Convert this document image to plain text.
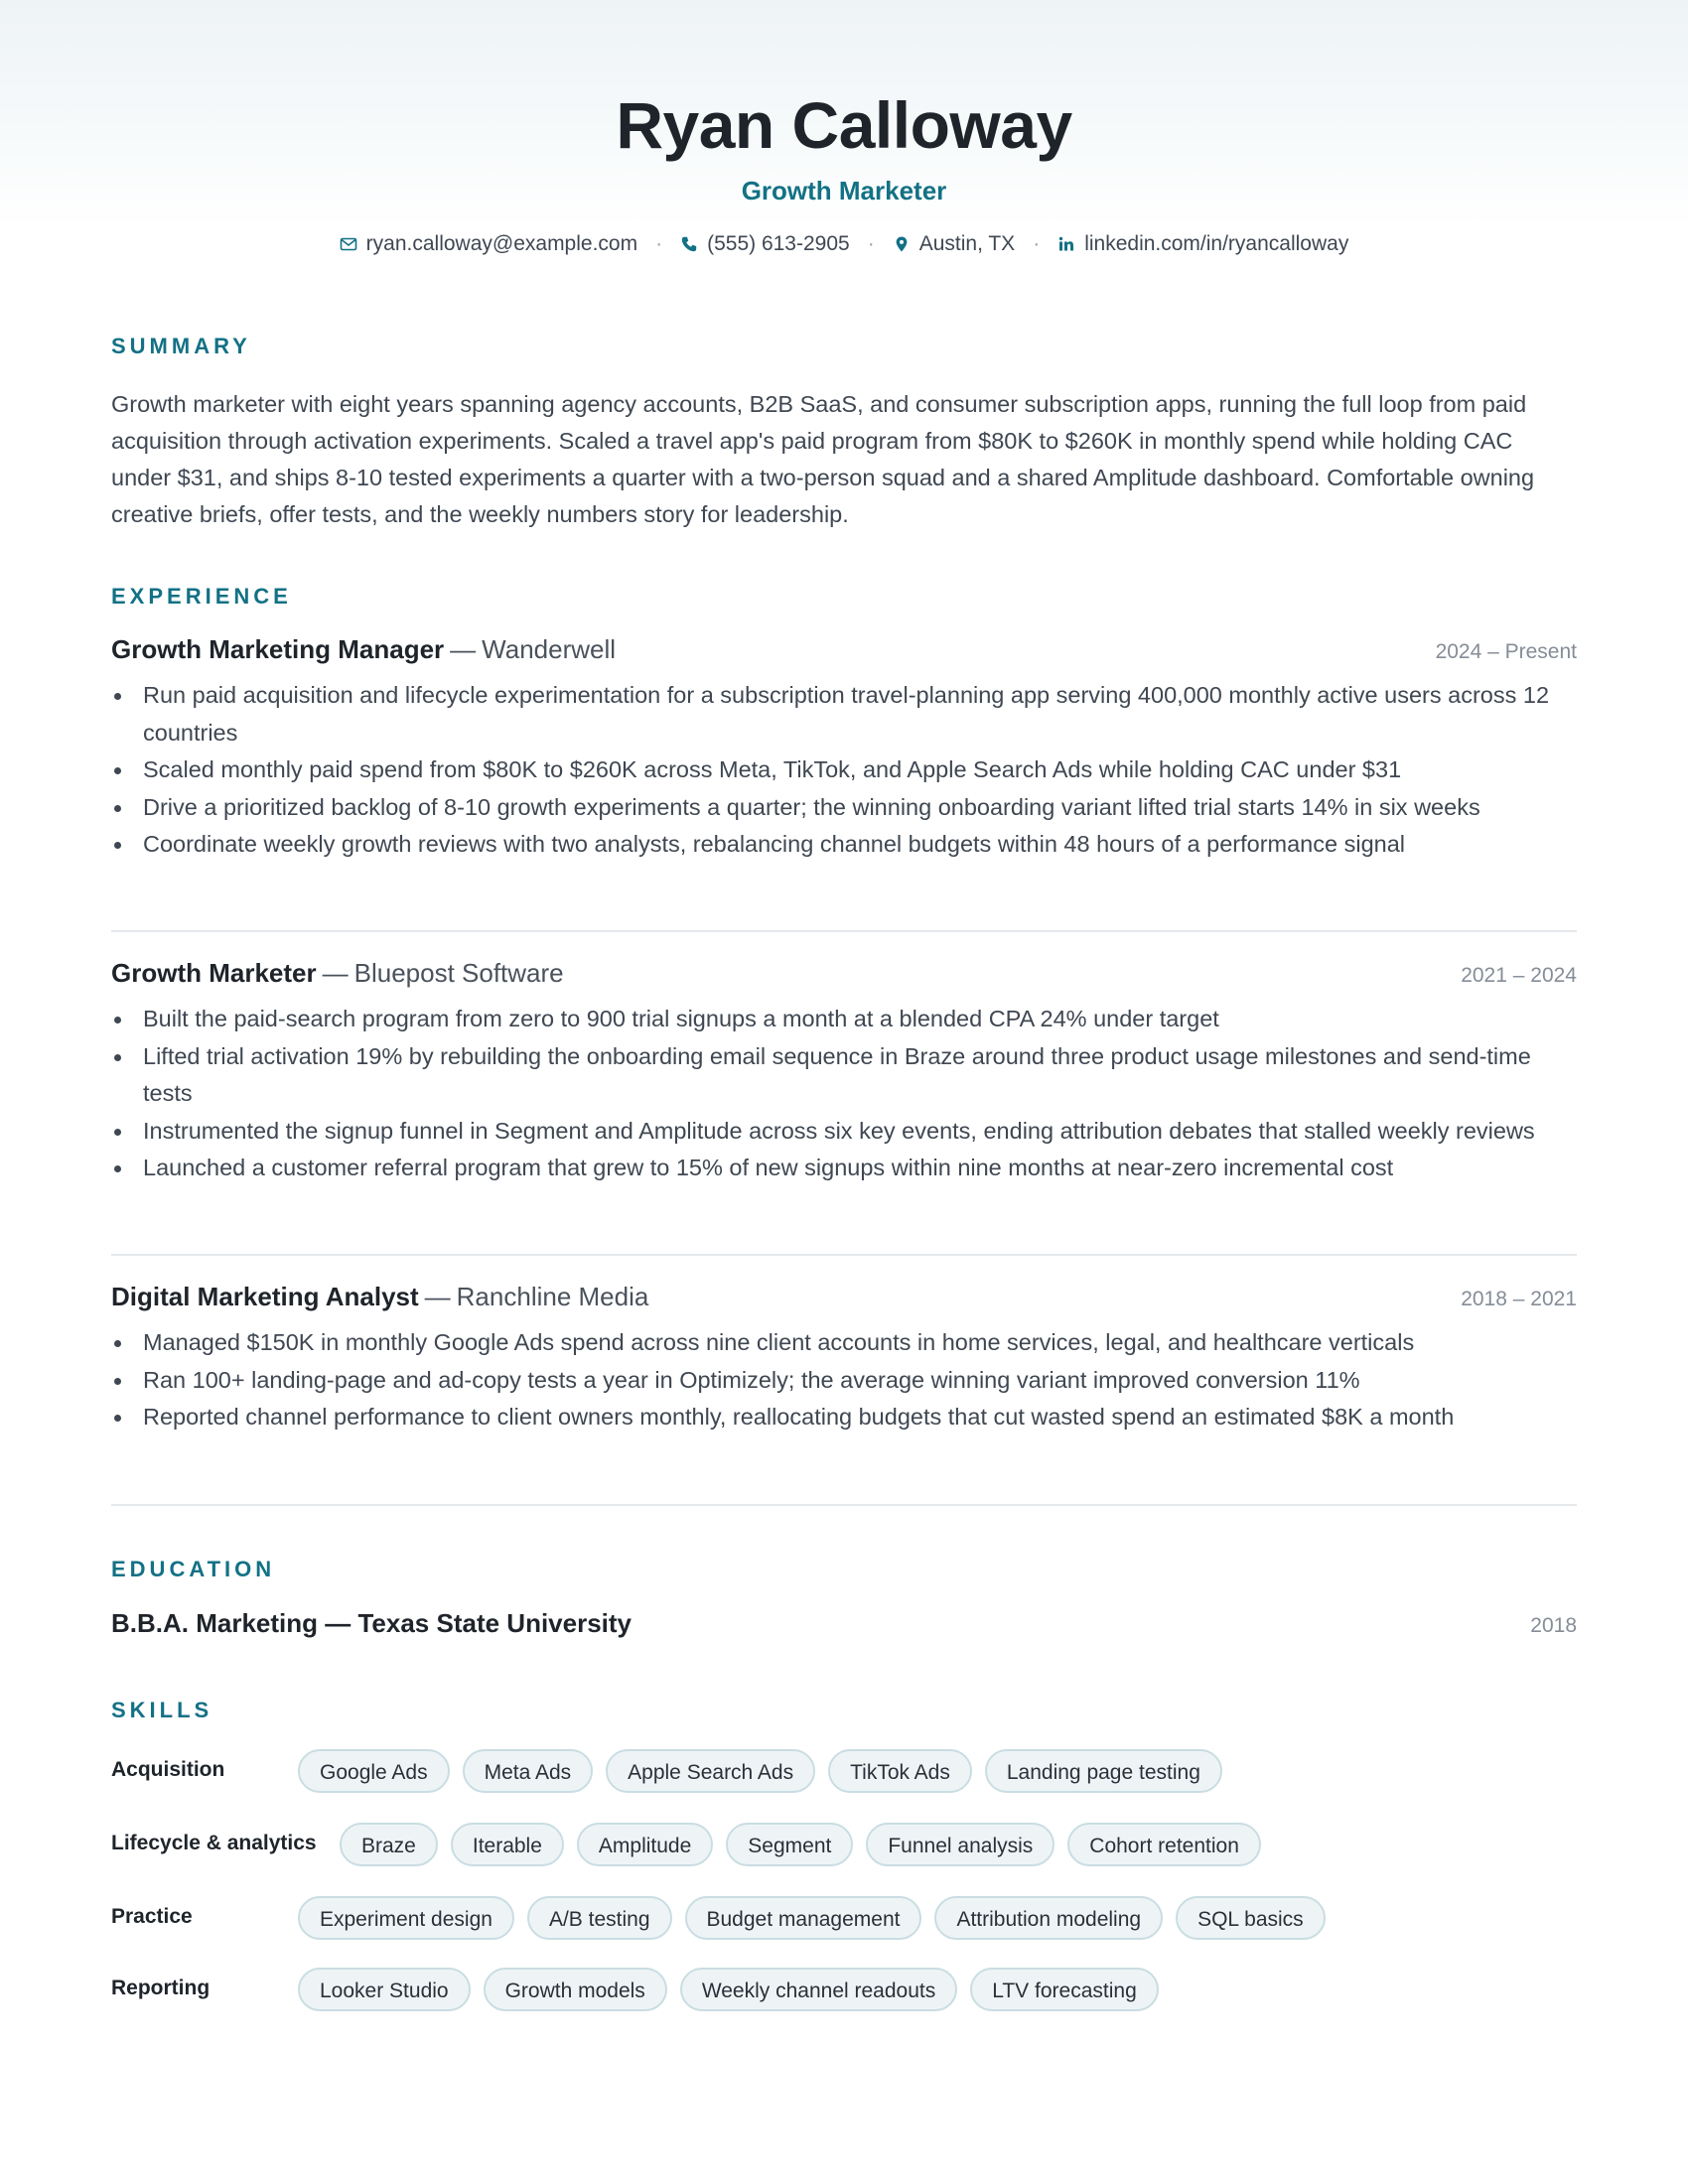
Ryan Calloway
Growth Marketer
ryan.calloway@example.com · (555) 613-2905 · Austin, TX · linkedin.com/in/ryancalloway
SUMMARY

Growth marketer with eight years spanning agency accounts, B2B SaaS, and consumer subscription apps, running the full loop from paid acquisition through activation experiments. Scaled a travel app's paid program from $80K to $260K in monthly spend while holding CAC under $31, and ships 8-10 tested experiments a quarter with a two-person squad and a shared Amplitude dashboard. Comfortable owning creative briefs, offer tests, and the weekly numbers story for leadership.

EXPERIENCE
Growth Marketing Manager — Wanderwell	2024 – Present
Run paid acquisition and lifecycle experimentation for a subscription travel-planning app serving 400,000 monthly active users across 12 countries
Scaled monthly paid spend from $80K to $260K across Meta, TikTok, and Apple Search Ads while holding CAC under $31
Drive a prioritized backlog of 8-10 growth experiments a quarter; the winning onboarding variant lifted trial starts 14% in six weeks
Coordinate weekly growth reviews with two analysts, rebalancing channel budgets within 48 hours of a performance signal
Growth Marketer — Bluepost Software	2021 – 2024
Built the paid-search program from zero to 900 trial signups a month at a blended CPA 24% under target
Lifted trial activation 19% by rebuilding the onboarding email sequence in Braze around three product usage milestones and send-time tests
Instrumented the signup funnel in Segment and Amplitude across six key events, ending attribution debates that stalled weekly reviews
Launched a customer referral program that grew to 15% of new signups within nine months at near-zero incremental cost
Digital Marketing Analyst — Ranchline Media	2018 – 2021
Managed $150K in monthly Google Ads spend across nine client accounts in home services, legal, and healthcare verticals
Ran 100+ landing-page and ad-copy tests a year in Optimizely; the average winning variant improved conversion 11%
Reported channel performance to client owners monthly, reallocating budgets that cut wasted spend an estimated $8K a month
EDUCATION
B.B.A. Marketing — Texas State University	2018
SKILLS
Acquisition	Google Ads	Meta Ads	Apple Search Ads	TikTok Ads	Landing page testing
Lifecycle & analytics	Braze	Iterable	Amplitude	Segment	Funnel analysis	Cohort retention
Practice	Experiment design	A/B testing	Budget management	Attribution modeling	SQL basics
Reporting	Looker Studio	Growth models	Weekly channel readouts	LTV forecasting
